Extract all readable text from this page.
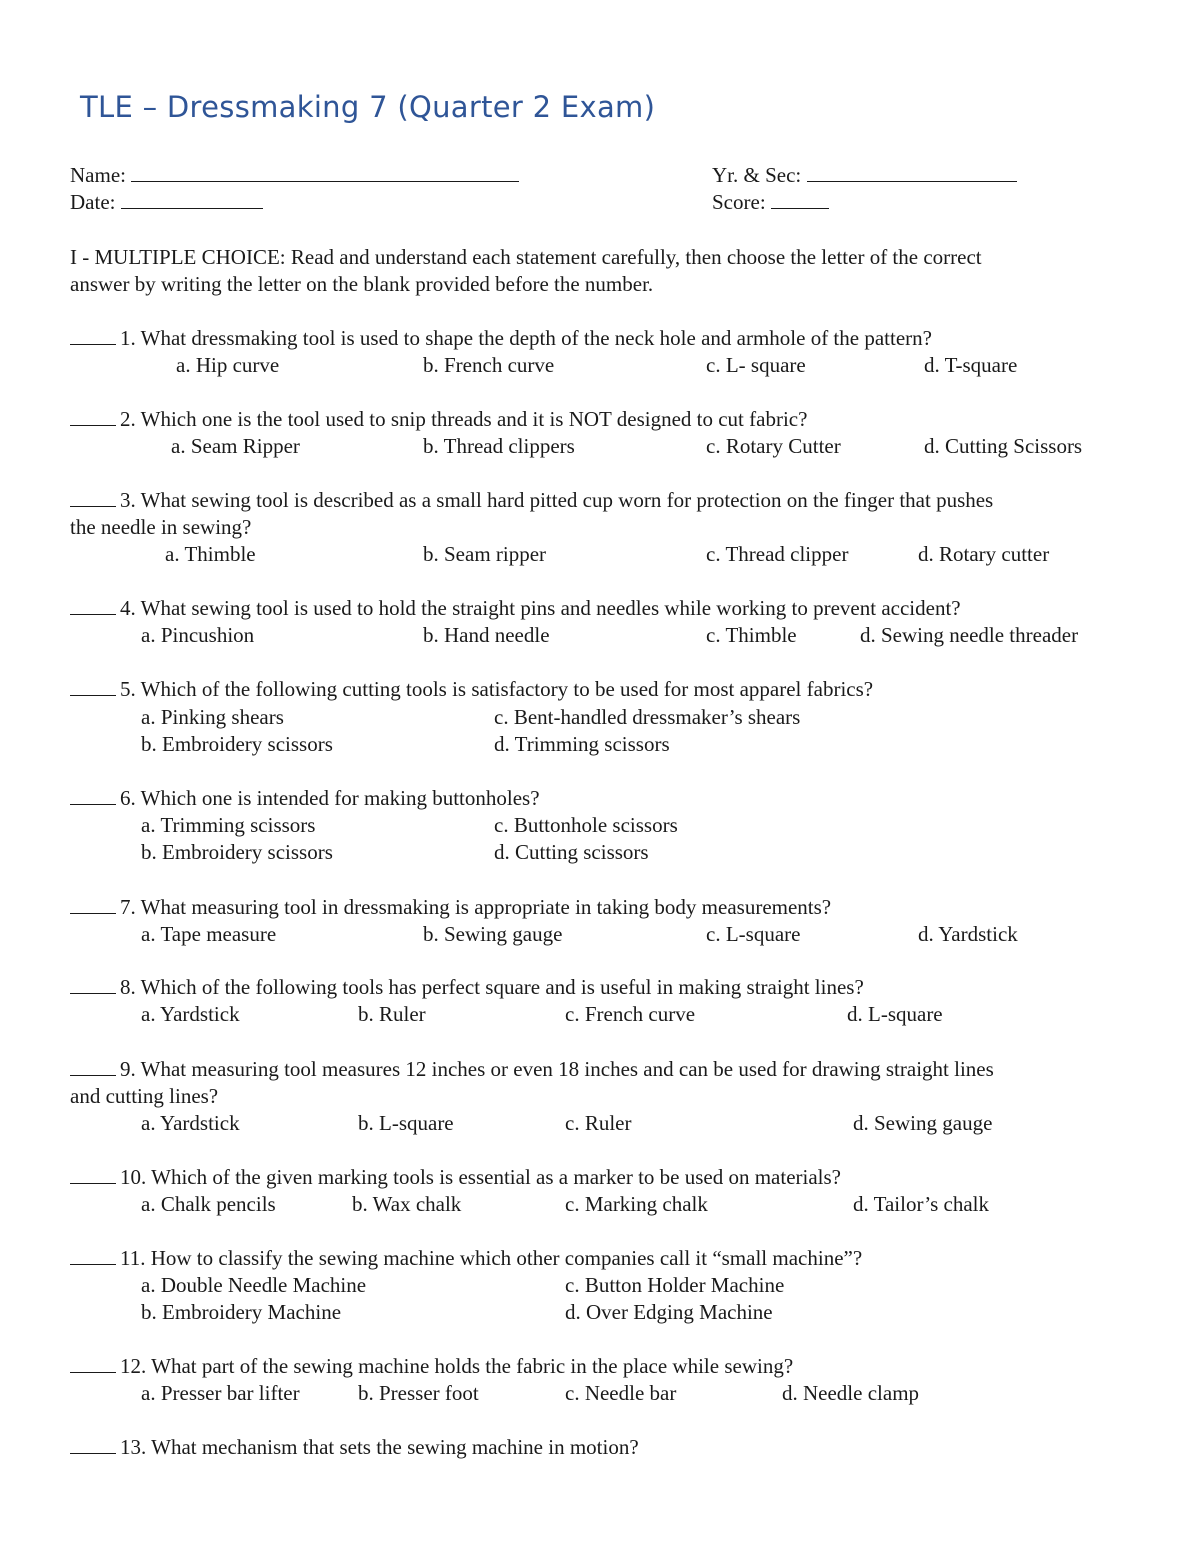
TLE – Dressmaking 7 (Quarter 2 Exam)
Name:	Yr. & Sec:
Date:	Score:
I - MULTIPLE CHOICE: Read and understand each statement carefully, then choose the letter of the correct
answer by writing the letter on the blank provided before the number.
1. What dressmaking tool is used to shape the depth of the neck hole and armhole of the pattern?
a. Hip curve	b. French curve	c. L- square	d. T-square
2. Which one is the tool used to snip threads and it is NOT designed to cut fabric?
a. Seam Ripper	b. Thread clippers	c. Rotary Cutter	d. Cutting Scissors
3. What sewing tool is described as a small hard pitted cup worn for protection on the finger that pushes
the needle in sewing?
a. Thimble	b. Seam ripper	c. Thread clipper	d. Rotary cutter
4. What sewing tool is used to hold the straight pins and needles while working to prevent accident?
a. Pincushion	b. Hand needle	c. Thimble	d. Sewing needle threader
5. Which of the following cutting tools is satisfactory to be used for most apparel fabrics?
a. Pinking shears	c. Bent-handled dressmaker’s shears
b. Embroidery scissors	d. Trimming scissors
6. Which one is intended for making buttonholes?
a. Trimming scissors	c. Buttonhole scissors
b. Embroidery scissors	d. Cutting scissors
7. What measuring tool in dressmaking is appropriate in taking body measurements?
a. Tape measure	b. Sewing gauge	c. L-square	d. Yardstick
8. Which of the following tools has perfect square and is useful in making straight lines?
a. Yardstick	b. Ruler	c. French curve	d. L-square
9. What measuring tool measures 12 inches or even 18 inches and can be used for drawing straight lines
and cutting lines?
a. Yardstick	b. L-square	c. Ruler	d. Sewing gauge
10. Which of the given marking tools is essential as a marker to be used on materials?
a. Chalk pencils	b. Wax chalk	c. Marking chalk	d. Tailor’s chalk
11. How to classify the sewing machine which other companies call it “small machine”?
a. Double Needle Machine	c. Button Holder Machine
b. Embroidery Machine	d. Over Edging Machine
12. What part of the sewing machine holds the fabric in the place while sewing?
a. Presser bar lifter	b. Presser foot	c. Needle bar	d. Needle clamp
13. What mechanism that sets the sewing machine in motion?
